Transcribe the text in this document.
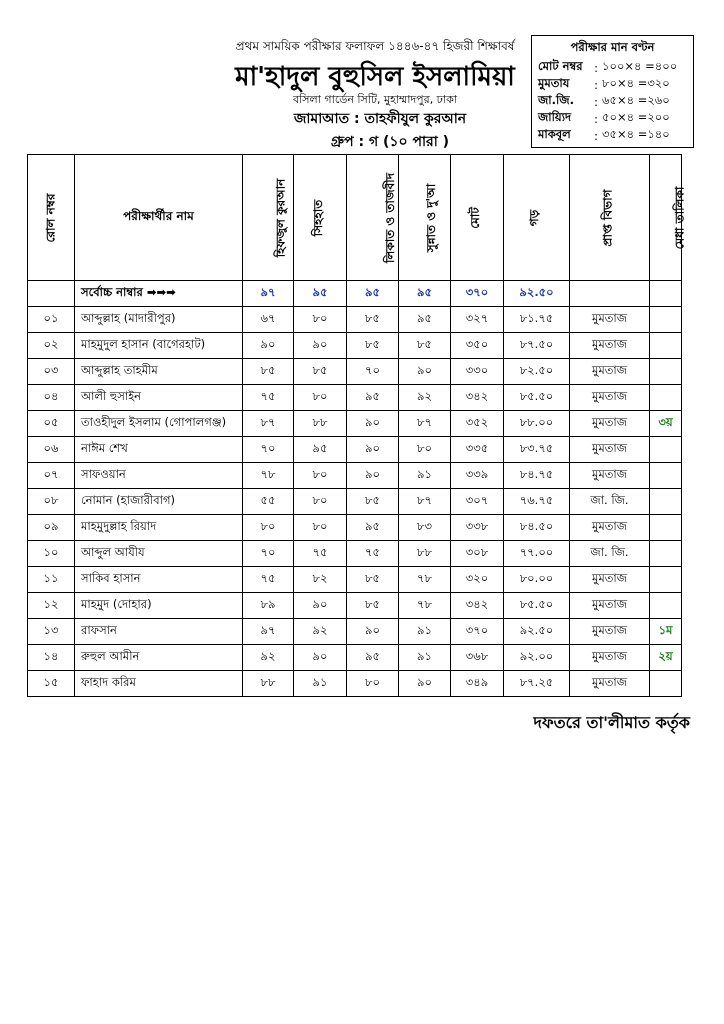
প্রথম সাময়িক পরীক্ষার ফলাফল ১৪৪৬-৪৭ হিজরী শিক্ষাবর্ষ
মা'হাদুল বুহুসিল ইসলামিয়া
বসিলা গার্ডেন সিটি, মুহাম্মাদপুর, ঢাকা
জামাআত : তাহফীযুল কুরআন
গ্রুপ : গ (১০ পারা )
পরীক্ষার মান বণ্টন
মোট নম্বর : ১০০×৪ =৪০০
মুমতায	: ৮০×৪ =৩২০
জা.জি.	: ৬৫×৪ =২৬০
জায়্যিদ	: ৫০×৪ =২০০
মাকবূল	: ৩৫×৪ =১৪০
রোল নম্বর	পরীক্ষার্থীর নাম	হিফজুল কুরআন	সিহহাত	লিকাত ও তাজবীদ	সুন্নাত ও দু'আ	মোট	গড়	প্রাপ্ত বিভাগ	মেধা তালিকা
	সর্বোচ্চ নাম্বার ➡➡➡	৯৭	৯৫	৯৫	৯৫	৩৭০	৯২.৫০		
০১	আব্দুল্লাহ (মাদারীপুর)	৬৭	৮০	৮৫	৯৫	৩২৭	৮১.৭৫	মুমতাজ	
০২	মাহমুদুল হাসান (বাগেরহাট)	৯০	৯০	৮৫	৮৫	৩৫০	৮৭.৫০	মুমতাজ	
০৩	আব্দুল্লাহ তাহমীম	৮৫	৮৫	৭০	৯০	৩৩০	৮২.৫০	মুমতাজ	
০৪	আলী হুসাইন	৭৫	৮০	৯৫	৯২	৩৪২	৮৫.৫০	মুমতাজ	
০৫	তাওহীদুল ইসলাম (গোপালগঞ্জ)	৮৭	৮৮	৯০	৮৭	৩৫২	৮৮.০০	মুমতাজ	৩য়
০৬	নাঈম শেখ	৭০	৯৫	৯০	৮০	৩৩৫	৮৩.৭৫	মুমতাজ	
০৭	সাফওয়ান	৭৮	৮০	৯০	৯১	৩৩৯	৮৪.৭৫	মুমতাজ	
০৮	নোমান (হাজারীবাগ)	৫৫	৮০	৮৫	৮৭	৩০৭	৭৬.৭৫	জা. জি.	
০৯	মাহমুদুল্লাহ রিয়াদ	৮০	৮০	৯৫	৮৩	৩৩৮	৮৪.৫০	মুমতাজ	
১০	আব্দুল আযীয	৭০	৭৫	৭৫	৮৮	৩০৮	৭৭.০০	জা. জি.	
১১	সাকিব হাসান	৭৫	৮২	৮৫	৭৮	৩২০	৮০.০০	মুমতাজ	
১২	মাহমুদ (দোহার)	৮৯	৯০	৮৫	৭৮	৩৪২	৮৫.৫০	মুমতাজ	
১৩	রাফসান	৯৭	৯২	৯০	৯১	৩৭০	৯২.৫০	মুমতাজ	১ম
১৪	রুহুল আমীন	৯২	৯০	৯৫	৯১	৩৬৮	৯২.০০	মুমতাজ	২য়
১৫	ফাহাদ করিম	৮৮	৯১	৮০	৯০	৩৪৯	৮৭.২৫	মুমতাজ	
দফতরে তা'লীমাত কর্তৃক
